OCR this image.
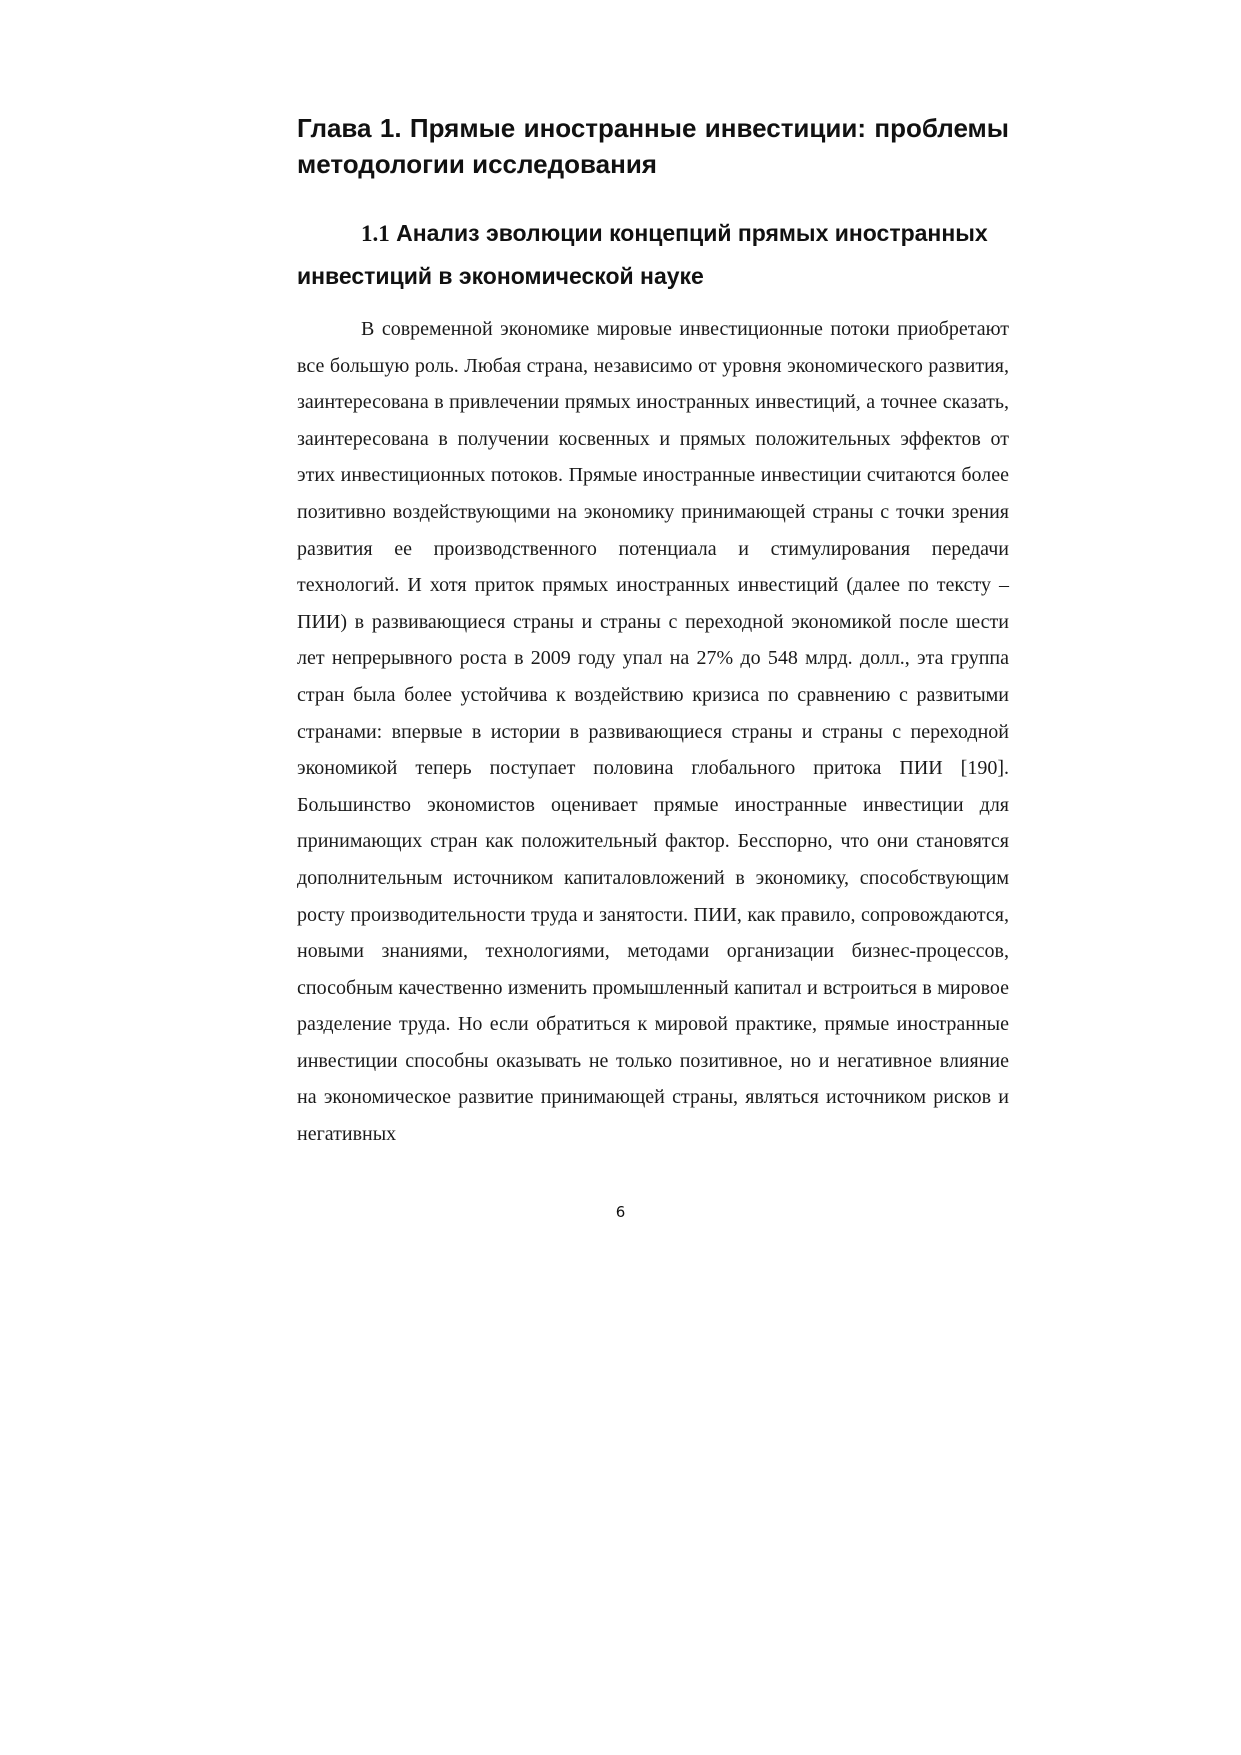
Глава 1. Прямые иностранные инвестиции: проблемы методологии исследования
1.1 Анализ эволюции концепций прямых иностранных инвестиций в экономической науке

В современной экономике мировые инвестиционные потоки приобретают все большую роль. Любая страна, независимо от уровня экономического развития, заинтересована в привлечении прямых иностранных инвестиций, а точнее сказать, заинтересована в получении косвенных и прямых положительных эффектов от этих инвестиционных потоков. Прямые иностранные инвестиции считаются более позитивно воздействующими на экономику принимающей страны с точки зрения развития ее производственного потенциала и стимулирования передачи технологий. И хотя приток прямых иностранных инвестиций (далее по тексту – ПИИ) в развивающиеся страны и страны с переходной экономикой после шести лет непрерывного роста в 2009 году упал на 27% до 548 млрд. долл., эта группа стран была более устойчива к воздействию кризиса по сравнению с развитыми странами: впервые в истории в развивающиеся страны и страны с переходной экономикой теперь поступает половина глобального притока ПИИ [190]. Большинство экономистов оценивает прямые иностранные инвестиции для принимающих стран как положительный фактор. Бесспорно, что они становятся дополнительным источником капиталовложений в экономику, способствующим росту производительности труда и занятости. ПИИ, как правило, сопровождаются, новыми знаниями, технологиями, методами организации бизнес-процессов, способным качественно изменить промышленный капитал и встроиться в мировое разделение труда. Но если обратиться к мировой практике, прямые иностранные инвестиции способны оказывать не только позитивное, но и негативное влияние на экономическое развитие принимающей страны, являться источником рисков и негативных

6
